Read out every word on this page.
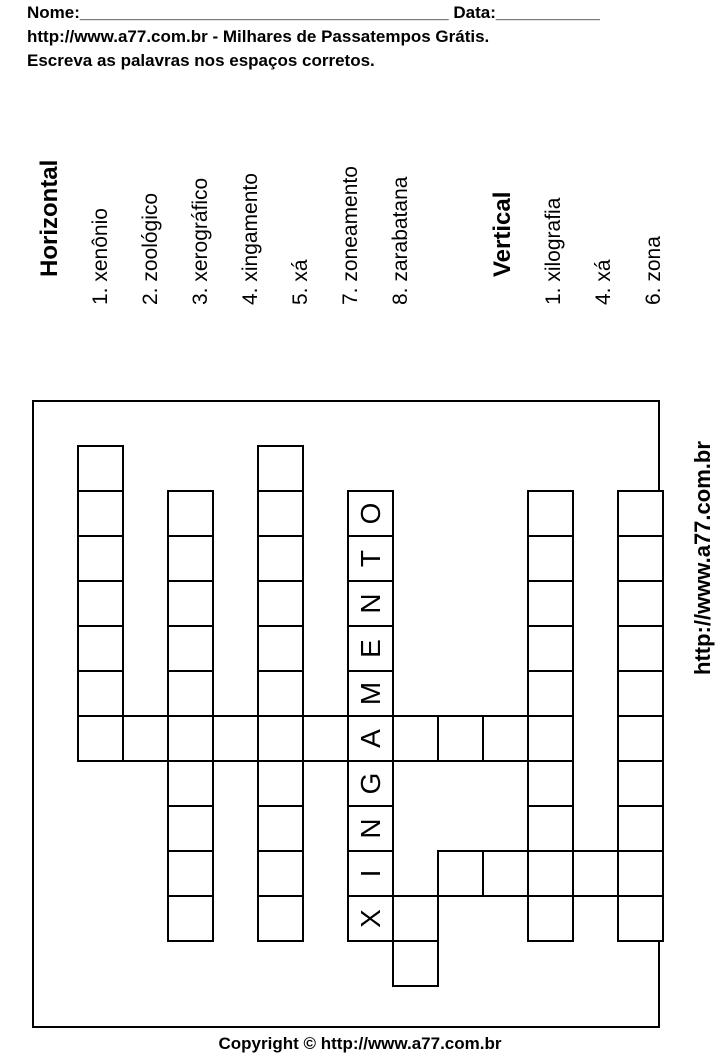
Nome:_______________________________________ Data:___________
http://www.a77.com.br - Milhares de Passatempos Grátis.
Escreva as palavras nos espaços corretos.
Horizontal 1. xenônio 2. zoológico 3. xerográfico 4. xingamento 5. xá 7. zoneamento 8. zarabatana	Vertical 1. xilografia 4. xá 6. zona
http://www.a77.com.br
O
T
N
E
M
A
G
N
I
X
Copyright © http://www.a77.com.br
